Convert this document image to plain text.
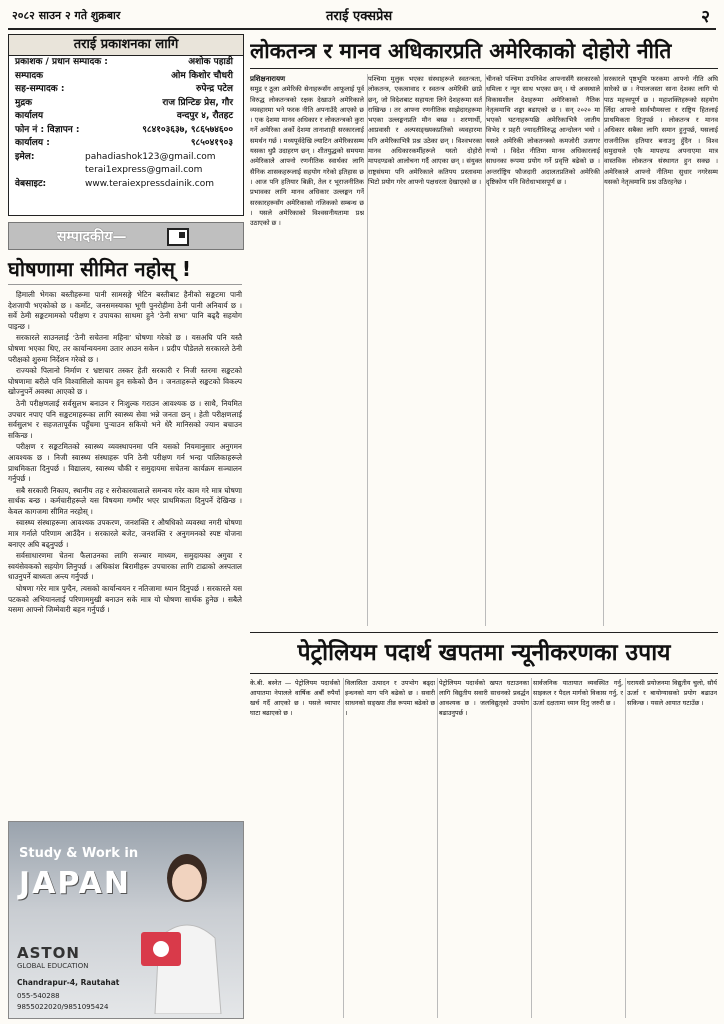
२०८२ साउन २ गते शुक्रबार	तराई एक्सप्रेस	२
तराई प्रकाशनका लागि
प्रकाशक / प्रधान सम्पादक :	अशोक पहाडी
सम्पादक	ओम किशोर चौधरी
सह-सम्पादक :	रुपेन्द्र पटेल
मुद्रक	राज प्रिन्टिङ प्रेस, गौर
कार्यालय	वन्दपुर ४, रौतहट
फोन नं : विज्ञापन :	९८४१०३६३७, ९८६५७४६००
कार्यालय :	९८५०४१९०३
इमेल:	pahadiashok123@gmail.com
terai1express@gmail.com
वेबसाइट:	www.teraiexpressdainik.com
सम्पादकीय—
घोषणामा सीमित नहोस् !

हिमाली भेगका बस्तीहरूमा पानी सामसङ्गे भेटिन बस्तीबाट हैनीको सङ्कटमा पानी देशजापी भएकोको छ । कर्मोट, जनसमस्याका भूगी पुनरोहीमा ठेनी पानी अनिवार्य छ । सर्वे ठेमी सङ्कटमामको परीक्षण र उपायका साथमा हुने ‘ठेनी सभा’ पानि बढ्दै सहयोग पाइन्छ ।

सरकारले साउनलाई ‘ठेनी सचेतना महिना’ घोषणा गरेको छ । यसअघि पनि यस्तै घोषणा भएका थिए, तर कार्यान्वयनमा उतार आउन सकेन । प्रदीप पौडेलले सरकारले ठेनी परीक्षको शुरुमा निर्देशन गरेको छ ।

राज्यको पिलानो निर्माण र भ्रष्टाचार तस्कर हेती सरकारी र निजी स्तरमा सङ्कटको घोषणामा बरीले पनि विश्वासिलो कायम हुन सकेको छैन । जनताहरूले सङ्कटको विकल्प खोज्नुपर्ने अवस्था आएको छ ।

ठेनी परीक्षणलाई सर्वसुलभ बनाउन र निःशुल्क गराउन आवश्यक छ । साथै, नियमित उपचार नपाए पनि सङ्कटमाहरूका लागि स्वास्थ्य सेवा भन्ने जनता छन् । हेती परीक्षणलाई सर्वसुलभ र सहजतापूर्वक पहुँचमा पुर्‍याउन सकियो भने धेरै मानिसको ज्यान बचाउन सकिन्छ ।

परीक्षण र सङ्कटमितको स्वास्थ्य व्यवस्थापनमा पनि यसको नियमानुसार अनुगमन आवश्यक छ । निजी स्वास्थ्य संस्थाहरू पनि ठेनी परीक्षण गर्न भन्दा पालिकाहरूले प्राथमिकता दिनुपर्छ । विद्यालय, स्वास्थ्य चौकी र समुदायमा सचेतना कार्यक्रम सञ्चालन गर्नुपर्छ ।

सबै सरकारी निकाय, स्थानीय तह र सरोकारवालाले समन्वय गरेर काम गरे मात्र घोषणा सार्थक बन्छ । कर्मचारीहरूले यस विषयमा गम्भीर भएर प्राथमिकता दिनुपर्ने देखिन्छ । केवल कागजमा सीमित नरहोस् ।

स्वास्थ्य संस्थाहरूमा आवश्यक उपकरण, जनशक्ति र औषधिको व्यवस्था नगरी घोषणा मात्र गर्नाले परिणाम आउँदैन । सरकारले बजेट, जनशक्ति र अनुगमनको स्पष्ट योजना बनाएर अघि बढ्नुपर्छ ।

सर्वसाधारणमा चेतना फैलाउनका लागि सञ्चार माध्यम, समुदायका अगुवा र स्वयंसेवकको सहयोग लिनुपर्छ । अधिकांश बिरामीहरू उपचारका लागि टाढाको अस्पताल धाउनुपर्ने बाध्यता अन्त्य गर्नुपर्छ ।

घोषणा गरेर मात्र पुग्दैन, त्यसको कार्यान्वयन र नतिजामा ध्यान दिनुपर्छ । सरकारले यस पटकको अभियानलाई परिणाममुखी बनाउन सके मात्र यो घोषणा सार्थक हुनेछ । सबैले यसमा आफ्नो जिम्मेवारी बहन गर्नुपर्छ ।

Study & Work in
JAPAN
ASTON
GLOBAL EDUCATION
Chandrapur-4, Rautahat
055-540288
9855022020/9851095424
लोकतन्त्र र मानव अधिकारप्रति अमेरिकाको दोहोरो नीति
प्रशिक्षनारायण
समुद्र र ठूला अमेरिकी सेनाहरूसँग आफूलाई पूर्व विरुद्ध लोकतन्त्रको रक्षक देखाउने अमेरिकाले व्यवहारमा भने फरक नीति अपनाउँदै आएको छ । एक देशमा मानव अधिकार र लोकतन्त्रको कुरा गर्ने अमेरिका अर्को देशमा तानाशाही सरकारलाई समर्थन गर्छ । मध्यपूर्वदेखि ल्याटिन अमेरिकासम्म यसका थुप्रै उदाहरण छन् । शीतयुद्धको समयमा अमेरिकाले आफ्नो रणनीतिक स्वार्थका लागि सैनिक शासकहरूलाई सहयोग गरेको इतिहास छ । आज पनि हतियार बिक्री, तेल र भूराजनीतिक प्रभावका लागि मानव अधिकार उल्लङ्घन गर्ने सरकारहरूसँग अमेरिकाको नजिकको सम्बन्ध छ । यसले अमेरिकाको विश्वसनीयतामा प्रश्न उठाएको छ ।
पश्चिमा मुलुक भएका संस्थाहरूले स्वतन्त्रता, लोकतन्त्र, एकत्वावाद र स्वतन्त्र अमेरिकी छाप्ने छन्, जो विदेशबाट सहायता लिने देशहरूमा सर्त राखिन्छ । तर आफ्ना रणनीतिक साझेदारहरूमा भएका उल्लङ्घनप्रति मौन बस्छ । शरणार्थी, आप्रवासी र अल्पसङ्ख्यकप्रतिको व्यवहारमा पनि अमेरिकाभित्रै प्रश्न उठेका छन् । विश्वभरका मानव अधिकारकर्मीहरूले यस्तो दोहोरो मापदण्डको आलोचना गर्दै आएका छन् । संयुक्त राष्ट्रसंघमा पनि अमेरिकाले कतिपय प्रस्तावमा भिटो प्रयोग गरेर आफ्नो पक्षधरता देखाएको छ ।
चीनको पश्चिमा उपनिवेश आफ्नासँगै सरकारको धमिला र न्यून साथ भएका छन् । यो अवस्थाले विकासशील देशहरूमा अमेरिकाको नैतिक नेतृत्वमाथि शङ्का बढाएको छ । सन् २०२० मा भएको घटनाहरूपछि अमेरिकाभित्रै जातीय विभेद र प्रहरी ज्यादतीविरुद्ध आन्दोलन भयो । यसले अमेरिकी लोकतन्त्रको कमजोरी उजागर गर्‍यो । विदेश नीतिमा मानव अधिकारलाई साधनका रूपमा प्रयोग गर्ने प्रवृत्ति बढेको छ । अन्तर्राष्ट्रिय फौजदारी अदालतप्रतिको अमेरिकी दृष्टिकोण पनि विरोधाभासपूर्ण छ ।
सरकारले पृष्ठभूमि फरकमा आफ्नो नीति अघि सारेको छ । नेपालजस्ता साना देशका लागि यो पाठ महत्त्वपूर्ण छ । महाशक्तिहरूको सहयोग लिँदा आफ्नो सार्वभौमसत्ता र राष्ट्रिय हितलाई प्राथमिकता दिनुपर्छ । लोकतन्त्र र मानव अधिकार सबैका लागि समान हुनुपर्छ, यसलाई राजनीतिक हतियार बनाउनु हुँदैन । विश्व समुदायले एकै मापदण्ड अपनाएमा मात्र वास्तविक लोकतन्त्र संस्थागत हुन सक्छ । अमेरिकाले आफ्नो नीतिमा सुधार नगरेसम्म यसको नेतृत्वमाथि प्रश्न उठिरहनेछ ।
पेट्रोलियम पदार्थ खपतमा न्यूनीकरणका उपाय
के.बी. बस्नेत — पेट्रोलियम पदार्थको आयातमा नेपालले वार्षिक अर्बौं रुपैयाँ खर्च गर्दै आएको छ । यसले व्यापार घाटा बढाएको छ ।
विलासिता उत्पादन र उपभोग बढ्दा इन्धनको माग पनि बढेको छ । सवारी साधनको सङ्ख्या तीव्र रूपमा बढेको छ ।
पेट्रोलियम पदार्थको खपत घटाउनका लागि विद्युतीय सवारी साधनको प्रवर्द्धन आवश्यक छ । जलविद्युत्‌को उपयोग बढाउनुपर्छ ।
सार्वजनिक यातायात व्यवस्थित गर्नु, साइकल र पैदल मार्गको विकास गर्नु, र ऊर्जा दक्षतामा ध्यान दिनु जरुरी छ ।
घरायसी प्रयोजनमा विद्युतीय चुलो, सौर्य ऊर्जा र बायोग्यासको प्रयोग बढाउन सकिन्छ । यसले आयात घटाउँछ ।
